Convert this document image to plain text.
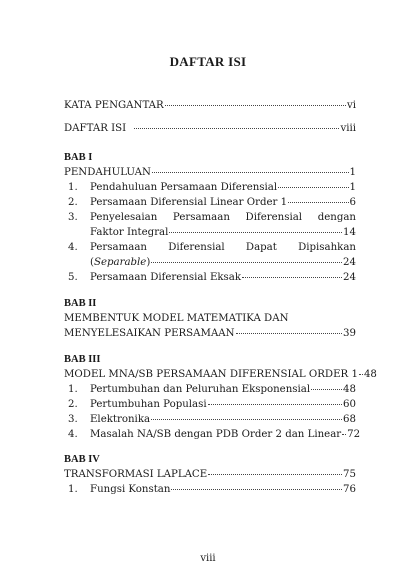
DAFTAR ISI
KATA PENGANTAR	vi
DAFTAR ISI	viii
BAB I
PENDAHULUAN	1
1. Pendahuluan Persamaan Diferensial	1
2. Persamaan Diferensial Linear Order 1	6
3. Penyelesaian Persamaan Diferensial dengan
Faktor Integral	14
4. Persamaan Diferensial Dapat Dipisahkan
(Separable)	24
5. Persamaan Diferensial Eksak	24
BAB II
MEMBENTUK MODEL MATEMATIKA DAN
MENYELESAIKAN PERSAMAAN	39
BAB III
MODEL MNA/SB PERSAMAAN DIFERENSIAL ORDER 1 48
1. Pertumbuhan dan Peluruhan Eksponensial	48
2. Pertumbuhan Populasi	60
3. Elektronika	68
4. Masalah NA/SB dengan PDB Order 2 dan Linear 72
BAB IV
TRANSFORMASI LAPLACE	75
1. Fungsi Konstan	76
viii
